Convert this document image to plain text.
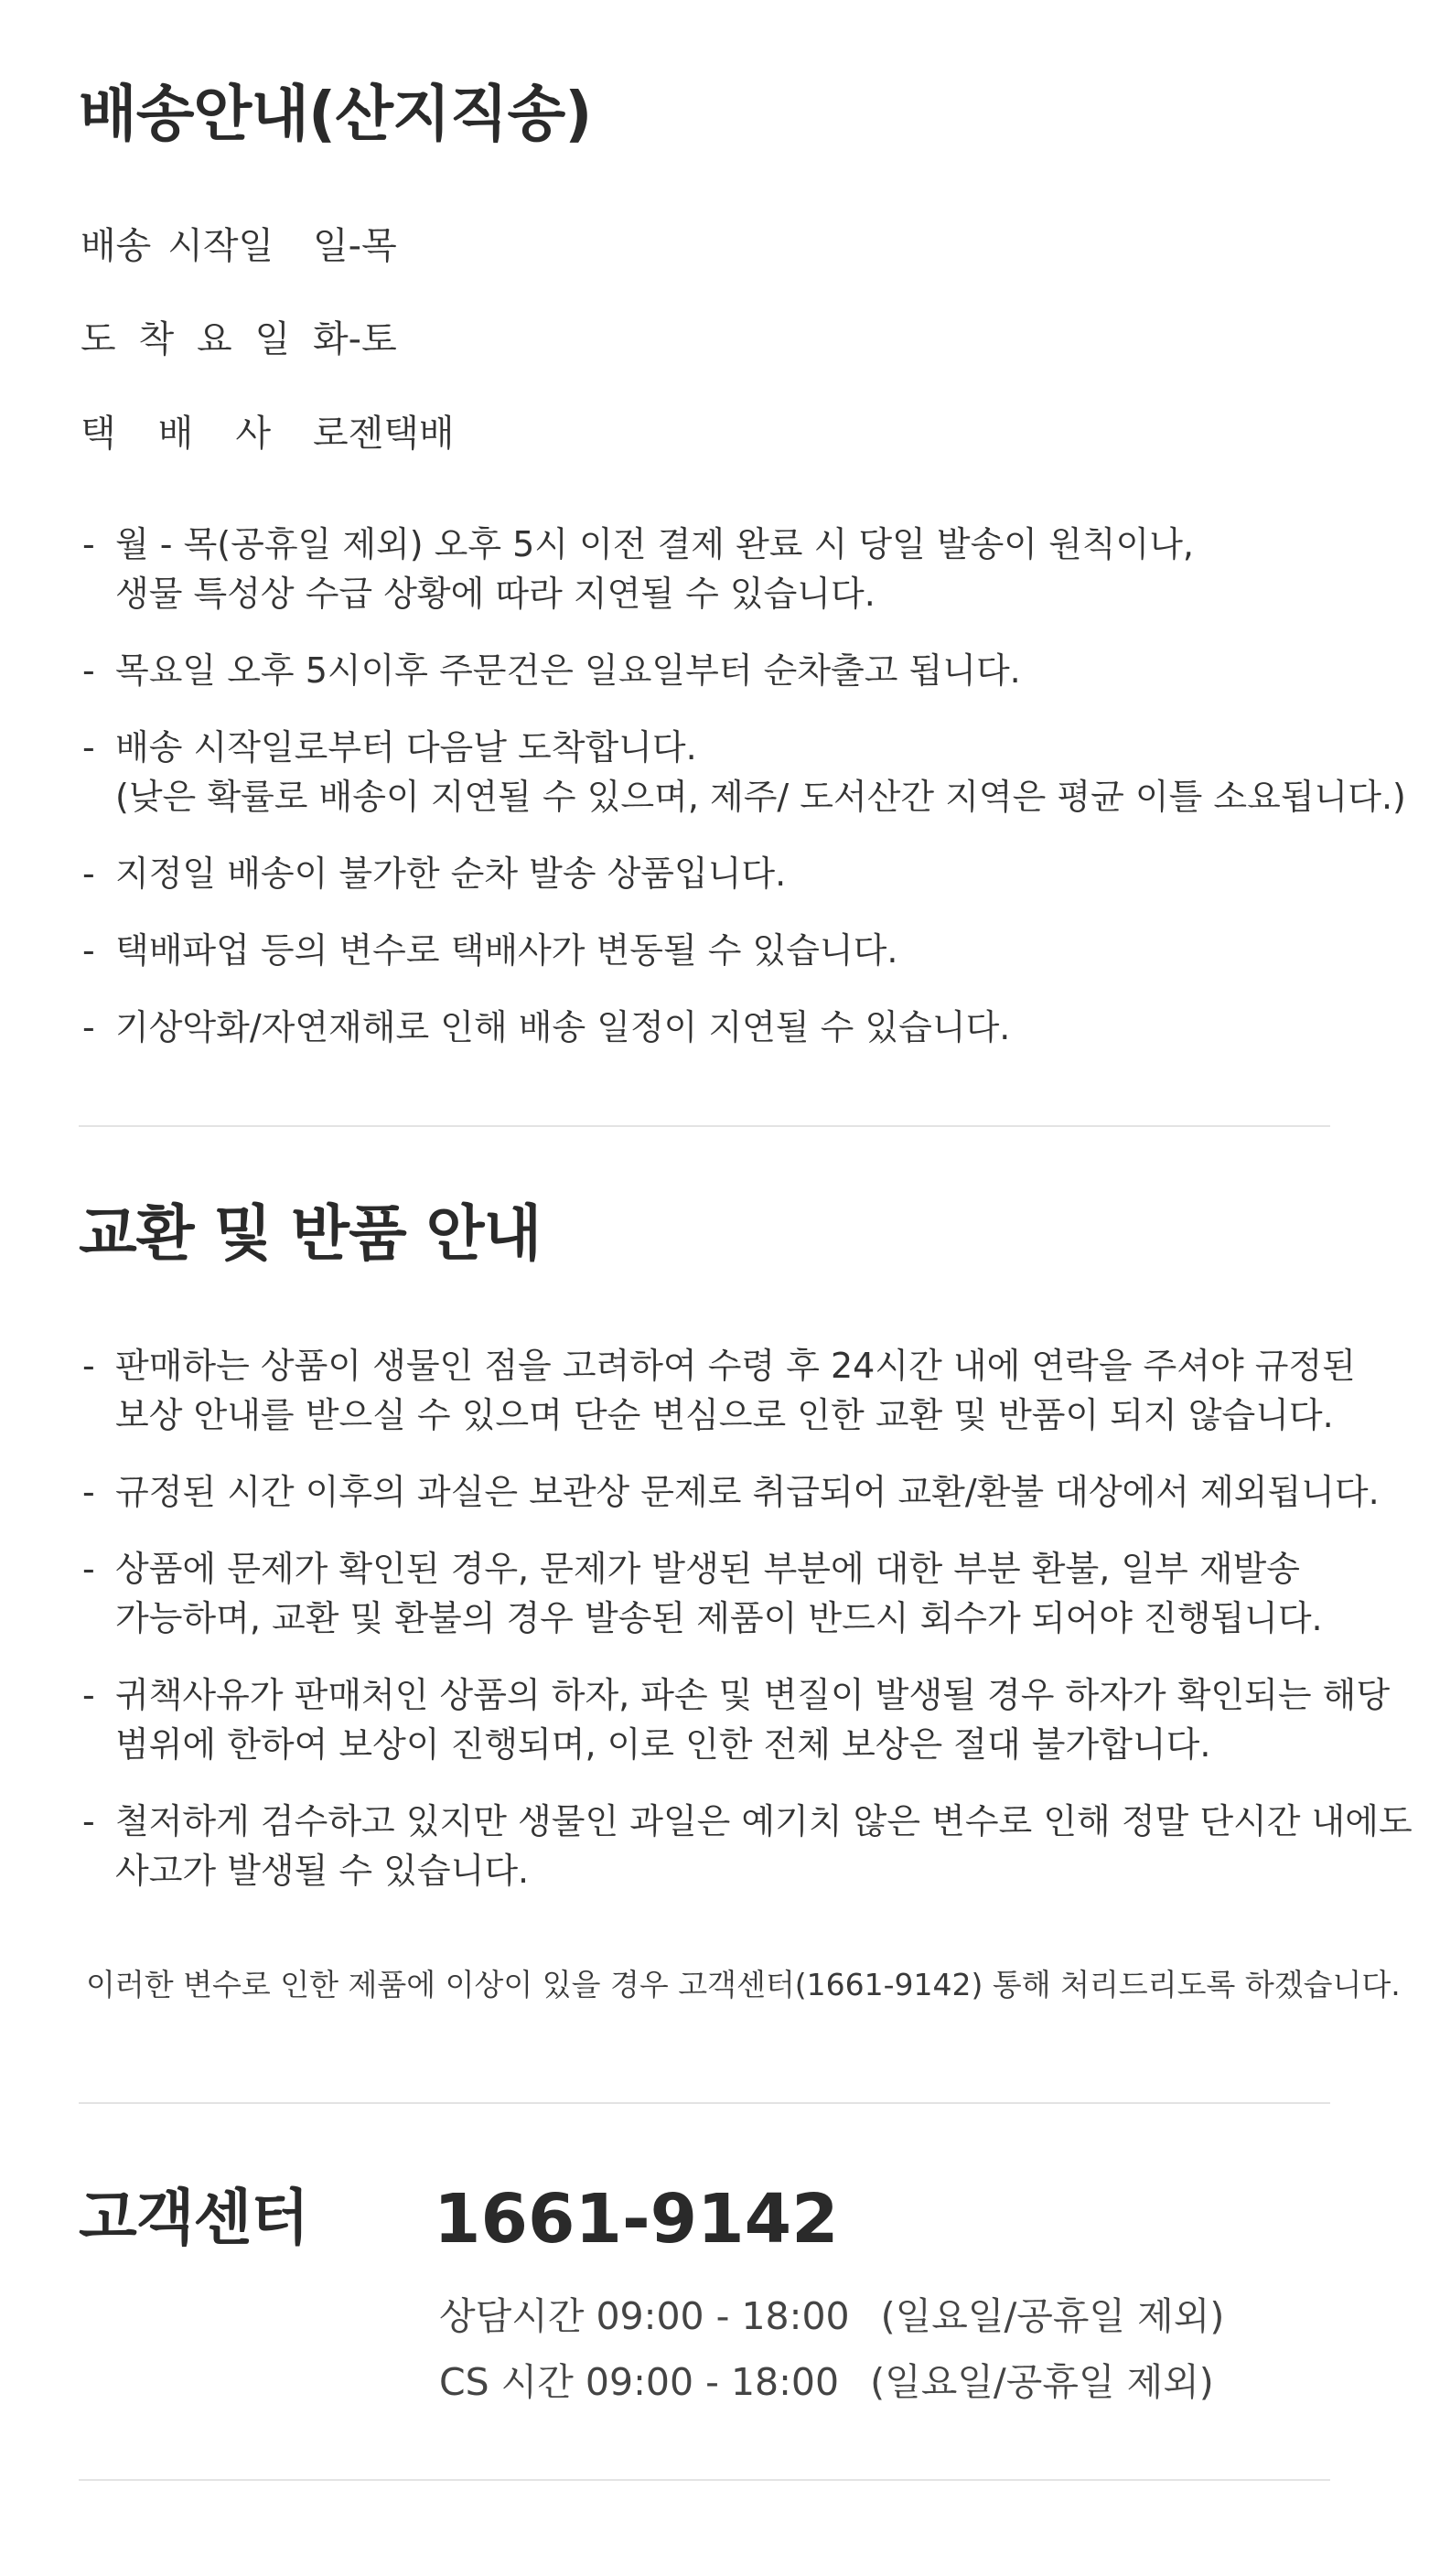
배송안내(산지직송)
배송 시작일 일-목
도 착 요 일 화-토
택 배 사 로젠택배
- 월 - 목(공휴일 제외) 오후 5시 이전 결제 완료 시 당일 발송이 원칙이나,
생물 특성상 수급 상황에 따라 지연될 수 있습니다.
- 목요일 오후 5시이후 주문건은 일요일부터 순차출고 됩니다.
- 배송 시작일로부터 다음날 도착합니다.
(낮은 확률로 배송이 지연될 수 있으며, 제주/ 도서산간 지역은 평균 이틀 소요됩니다.)
- 지정일 배송이 불가한 순차 발송 상품입니다.
- 택배파업 등의 변수로 택배사가 변동될 수 있습니다.
- 기상악화/자연재해로 인해 배송 일정이 지연될 수 있습니다.
교환 및 반품 안내
- 판매하는 상품이 생물인 점을 고려하여 수령 후 24시간 내에 연락을 주셔야 규정된
보상 안내를 받으실 수 있으며 단순 변심으로 인한 교환 및 반품이 되지 않습니다.
- 규정된 시간 이후의 과실은 보관상 문제로 취급되어 교환/환불 대상에서 제외됩니다.
- 상품에 문제가 확인된 경우, 문제가 발생된 부분에 대한 부분 환불, 일부 재발송
가능하며, 교환 및 환불의 경우 발송된 제품이 반드시 회수가 되어야 진행됩니다.
- 귀책사유가 판매처인 상품의 하자, 파손 및 변질이 발생될 경우 하자가 확인되는 해당
범위에 한하여 보상이 진행되며, 이로 인한 전체 보상은 절대 불가합니다.
- 철저하게 검수하고 있지만 생물인 과일은 예기치 않은 변수로 인해 정말 단시간 내에도
사고가 발생될 수 있습니다.

이러한 변수로 인한 제품에 이상이 있을 경우 고객센터(1661-9142) 통해 처리드리도록 하겠습니다.

고객센터 1661-9142

상담시간 09:00 - 18:00 (일요일/공휴일 제외)
CS 시간 09:00 - 18:00 (일요일/공휴일 제외)
